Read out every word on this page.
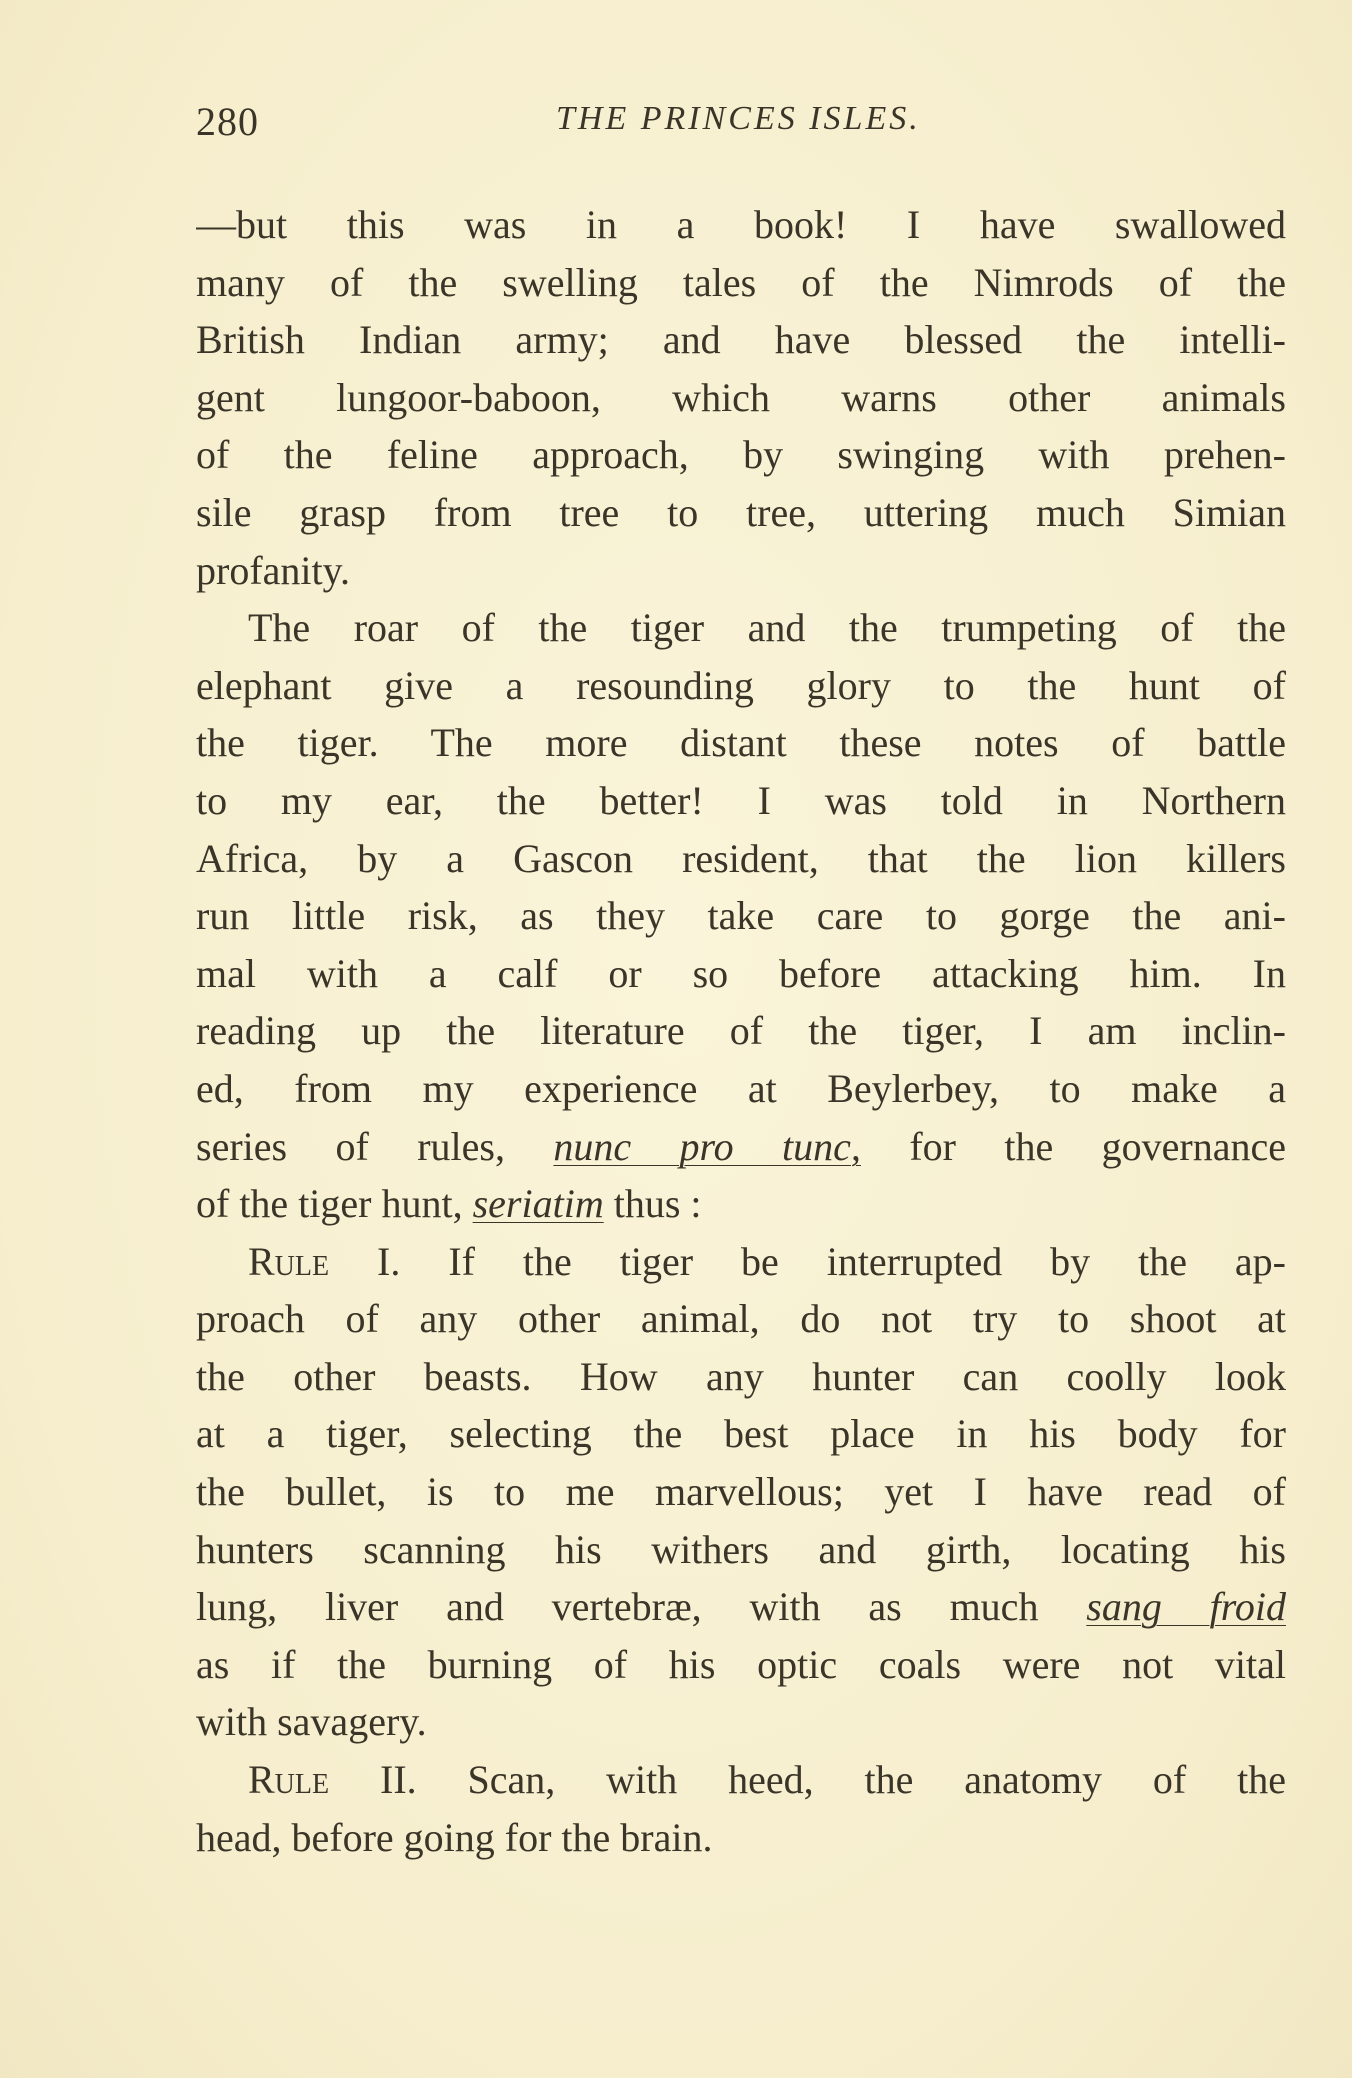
280	THE PRINCES ISLES.
—but this was in a book! I have swallowed
many of the swelling tales of the Nimrods of the
British Indian army; and have blessed the intelli-
gent lungoor-baboon, which warns other animals
of the feline approach, by swinging with prehen-
sile grasp from tree to tree, uttering much Simian
profanity.
The roar of the tiger and the trumpeting of the
elephant give a resounding glory to the hunt of
the tiger. The more distant these notes of battle
to my ear, the better! I was told in Northern
Africa, by a Gascon resident, that the lion killers
run little risk, as they take care to gorge the ani-
mal with a calf or so before attacking him. In
reading up the literature of the tiger, I am inclin-
ed, from my experience at Beylerbey, to make a
series of rules, nunc pro tunc, for the governance
of the tiger hunt, seriatim thus :
Rule I. If the tiger be interrupted by the ap-
proach of any other animal, do not try to shoot at
the other beasts. How any hunter can coolly look
at a tiger, selecting the best place in his body for
the bullet, is to me marvellous; yet I have read of
hunters scanning his withers and girth, locating his
lung, liver and vertebræ, with as much sang froid
as if the burning of his optic coals were not vital
with savagery.
Rule II. Scan, with heed, the anatomy of the
head, before going for the brain.
